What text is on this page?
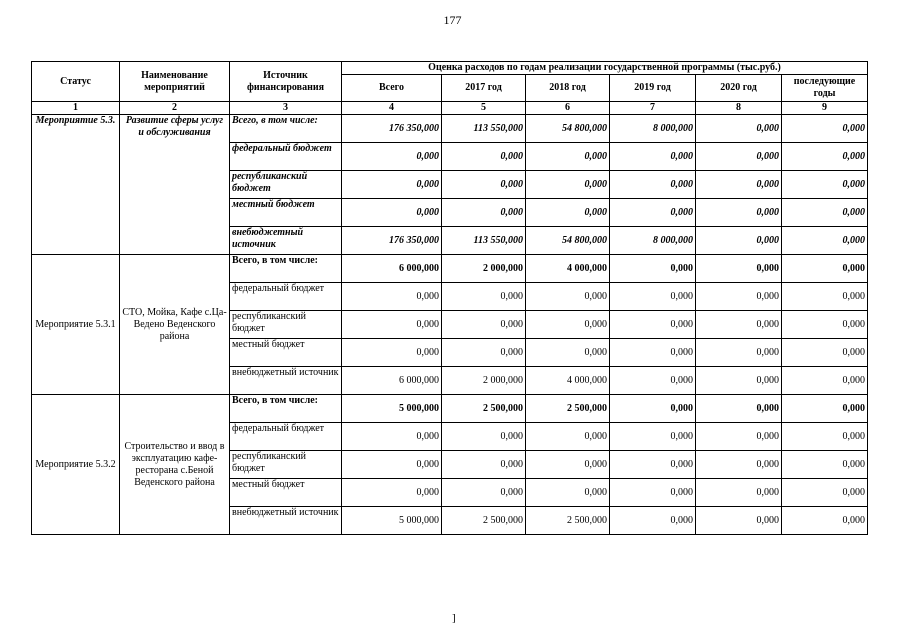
177
Статус	Наименование мероприятий	Источник финансирования	Оценка расходов по годам реализации государственной программы (тыс.руб.)					
			Всего	2017 год	2018 год	2019 год	2020 год	последующие годы
1	2	3	4	5	6	7	8	9
Мероприятие 5.3.	Развитие сферы услуг и обслуживания	Всего, в том числе:	176 350,000	113 550,000	54 800,000	8 000,000	0,000	0,000
		федеральный бюджет	0,000	0,000	0,000	0,000	0,000	0,000
		республиканский бюджет	0,000	0,000	0,000	0,000	0,000	0,000
		местный бюджет	0,000	0,000	0,000	0,000	0,000	0,000
		внебюджетный источник	176 350,000	113 550,000	54 800,000	8 000,000	0,000	0,000
Мероприятие 5.3.1	СТО, Мойка, Кафе с.Ца-Ведено Веденского района	Всего, в том числе:	6 000,000	2 000,000	4 000,000	0,000	0,000	0,000
		федеральный бюджет	0,000	0,000	0,000	0,000	0,000	0,000
		республиканский бюджет	0,000	0,000	0,000	0,000	0,000	0,000
		местный бюджет	0,000	0,000	0,000	0,000	0,000	0,000
		внебюджетный источник	6 000,000	2 000,000	4 000,000	0,000	0,000	0,000
Мероприятие 5.3.2	Строительство и ввод в эксплуатацию кафе-ресторана с.Беной Веденского района	Всего, в том числе:	5 000,000	2 500,000	2 500,000	0,000	0,000	0,000
		федеральный бюджет	0,000	0,000	0,000	0,000	0,000	0,000
		республиканский бюджет	0,000	0,000	0,000	0,000	0,000	0,000
		местный бюджет	0,000	0,000	0,000	0,000	0,000	0,000
		внебюджетный источник	5 000,000	2 500,000	2 500,000	0,000	0,000	0,000
]
